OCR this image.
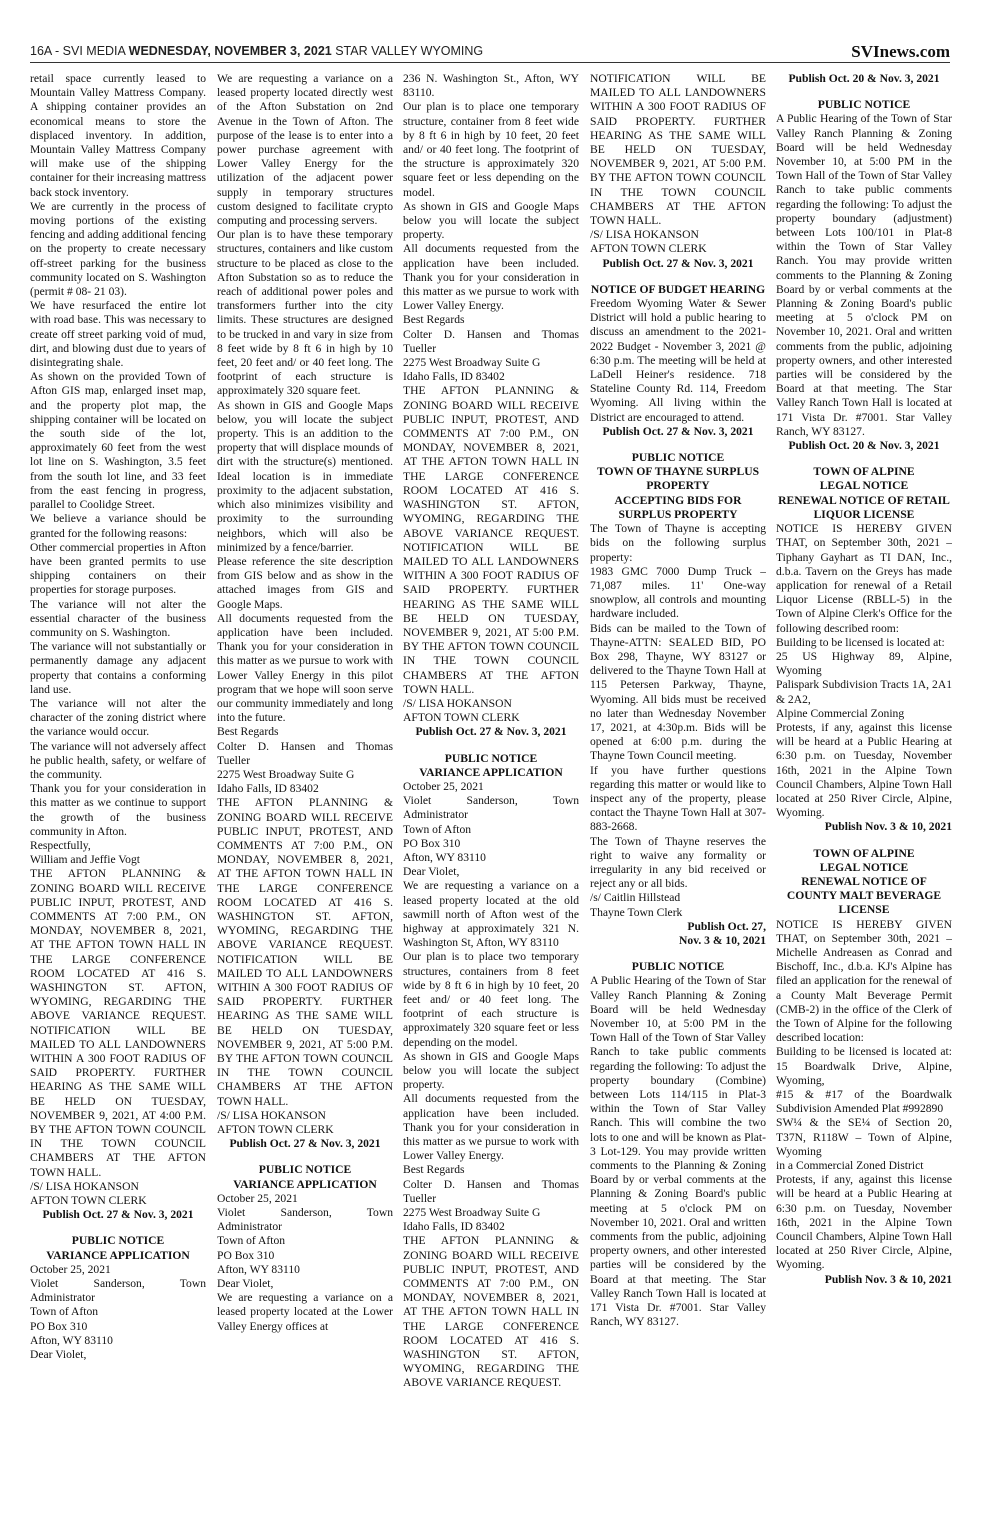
16A - SVI MEDIA WEDNESDAY, NOVEMBER 3, 2021 STAR VALLEY WYOMING	SVInews.com

retail space currently leased to Mountain Valley Mattress Company. A shipping container provides an economical means to store the displaced inventory. In addition, Mountain Valley Mattress Company will make use of the shipping container for their increasing mattress back stock inventory.

We are currently in the process of moving portions of the existing fencing and adding additional fencing on the property to create necessary off-street parking for the business community located on S. Washington (permit # 08- 21 03).

We have resurfaced the entire lot with road base. This was necessary to create off street parking void of mud, dirt, and blowing dust due to years of disintegrating shale.

As shown on the provided Town of Afton GIS map, enlarged inset map, and the property plot map, the shipping container will be located on the south side of the lot, approximately 60 feet from the west lot line on S. Washington, 3.5 feet from the south lot line, and 33 feet from the east fencing in progress, parallel to Coolidge Street.

We believe a variance should be granted for the following reasons:

Other commercial properties in Afton have been granted permits to use shipping containers on their properties for storage purposes.

The variance will not alter the essential character of the business community on S. Washington.

The variance will not substantially or permanently damage any adjacent property that contains a conforming land use.

The variance will not alter the character of the zoning district where the variance would occur.

The variance will not adversely affect he public health, safety, or welfare of the community.

Thank you for your consideration in this matter as we continue to support the growth of the business community in Afton.

Respectfully,

William and Jeffie Vogt

THE AFTON PLANNING & ZONING BOARD WILL RECEIVE PUBLIC INPUT, PROTEST, AND COMMENTS AT 7:00 P.M., ON MONDAY, NOVEMBER 8, 2021, AT THE AFTON TOWN HALL IN THE LARGE CONFERENCE ROOM LOCATED AT 416 S. WASHINGTON ST. AFTON, WYOMING, REGARDING THE ABOVE VARIANCE REQUEST. NOTIFICATION WILL BE MAILED TO ALL LANDOWNERS WITHIN A 300 FOOT RADIUS OF SAID PROPERTY. FURTHER HEARING AS THE SAME WILL BE HELD ON TUESDAY, NOVEMBER 9, 2021, AT 4:00 P.M. BY THE AFTON TOWN COUNCIL IN THE TOWN COUNCIL CHAMBERS AT THE AFTON TOWN HALL.

/S/ LISA HOKANSON

AFTON TOWN CLERK

Publish Oct. 27 & Nov. 3, 2021

PUBLIC NOTICE
VARIANCE APPLICATION

October 25, 2021

Violet Sanderson, Town Administrator

Town of Afton

PO Box 310

Afton, WY 83110

Dear Violet,

We are requesting a variance on a leased property located directly west of the Afton Substation on 2nd Avenue in the Town of Afton. The purpose of the lease is to enter into a power purchase agreement with Lower Valley Energy for the utilization of the adjacent power supply in temporary structures custom designed to facilitate crypto computing and processing servers.

Our plan is to have these temporary structures, containers and like custom structure to be placed as close to the Afton Substation so as to reduce the reach of additional power poles and transformers further into the city limits. These structures are designed to be trucked in and vary in size from 8 feet wide by 8 ft 6 in high by 10 feet, 20 feet and/ or 40 feet long. The footprint of each structure is approximately 320 square feet.

As shown in GIS and Google Maps below, you will locate the subject property. This is an addition to the property that will displace mounds of dirt with the structure(s) mentioned. Ideal location is in immediate proximity to the adjacent substation, which also minimizes visibility and proximity to the surrounding neighbors, which will also be minimized by a fence/barrier.

Please reference the site description from GIS below and as show in the attached images from GIS and Google Maps.

All documents requested from the application have been included. Thank you for your consideration in this matter as we pursue to work with Lower Valley Energy in this pilot program that we hope will soon serve our community immediately and long into the future.

Best Regards

Colter D. Hansen and Thomas Tueller

2275 West Broadway Suite G

Idaho Falls, ID 83402

THE AFTON PLANNING & ZONING BOARD WILL RECEIVE PUBLIC INPUT, PROTEST, AND COMMENTS AT 7:00 P.M., ON MONDAY, NOVEMBER 8, 2021, AT THE AFTON TOWN HALL IN THE LARGE CONFERENCE ROOM LOCATED AT 416 S. WASHINGTON ST. AFTON, WYOMING, REGARDING THE ABOVE VARIANCE REQUEST. NOTIFICATION WILL BE MAILED TO ALL LANDOWNERS WITHIN A 300 FOOT RADIUS OF SAID PROPERTY. FURTHER HEARING AS THE SAME WILL BE HELD ON TUESDAY, NOVEMBER 9, 2021, AT 5:00 P.M. BY THE AFTON TOWN COUNCIL IN THE TOWN COUNCIL CHAMBERS AT THE AFTON TOWN HALL.

/S/ LISA HOKANSON

AFTON TOWN CLERK

Publish Oct. 27 & Nov. 3, 2021

PUBLIC NOTICE
VARIANCE APPLICATION

October 25, 2021

Violet Sanderson, Town Administrator

Town of Afton

PO Box 310

Afton, WY 83110

Dear Violet,

We are requesting a variance on a leased property located at the Lower Valley Energy offices at

236 N. Washington St., Afton, WY 83110.

Our plan is to place one temporary structure, container from 8 feet wide by 8 ft 6 in high by 10 feet, 20 feet and/ or 40 feet long. The footprint of the structure is approximately 320 square feet or less depending on the model.

As shown in GIS and Google Maps below you will locate the subject property.

All documents requested from the application have been included. Thank you for your consideration in this matter as we pursue to work with Lower Valley Energy.

Best Regards

Colter D. Hansen and Thomas Tueller

2275 West Broadway Suite G

Idaho Falls, ID 83402

THE AFTON PLANNING & ZONING BOARD WILL RECEIVE PUBLIC INPUT, PROTEST, AND COMMENTS AT 7:00 P.M., ON MONDAY, NOVEMBER 8, 2021, AT THE AFTON TOWN HALL IN THE LARGE CONFERENCE ROOM LOCATED AT 416 S. WASHINGTON ST. AFTON, WYOMING, REGARDING THE ABOVE VARIANCE REQUEST. NOTIFICATION WILL BE MAILED TO ALL LANDOWNERS WITHIN A 300 FOOT RADIUS OF SAID PROPERTY. FURTHER HEARING AS THE SAME WILL BE HELD ON TUESDAY, NOVEMBER 9, 2021, AT 5:00 P.M. BY THE AFTON TOWN COUNCIL IN THE TOWN COUNCIL CHAMBERS AT THE AFTON TOWN HALL.

/S/ LISA HOKANSON

AFTON TOWN CLERK

Publish Oct. 27 & Nov. 3, 2021

PUBLIC NOTICE
VARIANCE APPLICATION

October 25, 2021

Violet Sanderson, Town Administrator

Town of Afton

PO Box 310

Afton, WY 83110

Dear Violet,

We are requesting a variance on a leased property located at the old sawmill north of Afton west of the highway at approximately 321 N. Washington St, Afton, WY 83110

Our plan is to place two temporary structures, containers from 8 feet wide by 8 ft 6 in high by 10 feet, 20 feet and/ or 40 feet long. The footprint of each structure is approximately 320 square feet or less depending on the model.

As shown in GIS and Google Maps below you will locate the subject property.

All documents requested from the application have been included. Thank you for your consideration in this matter as we pursue to work with Lower Valley Energy.

Best Regards

Colter D. Hansen and Thomas Tueller

2275 West Broadway Suite G

Idaho Falls, ID 83402

THE AFTON PLANNING & ZONING BOARD WILL RECEIVE PUBLIC INPUT, PROTEST, AND COMMENTS AT 7:00 P.M., ON MONDAY, NOVEMBER 8, 2021, AT THE AFTON TOWN HALL IN THE LARGE CONFERENCE ROOM LOCATED AT 416 S. WASHINGTON ST. AFTON, WYOMING, REGARDING THE ABOVE VARIANCE REQUEST.

NOTIFICATION WILL BE MAILED TO ALL LANDOWNERS WITHIN A 300 FOOT RADIUS OF SAID PROPERTY. FURTHER HEARING AS THE SAME WILL BE HELD ON TUESDAY, NOVEMBER 9, 2021, AT 5:00 P.M. BY THE AFTON TOWN COUNCIL IN THE TOWN COUNCIL CHAMBERS AT THE AFTON TOWN HALL.

/S/ LISA HOKANSON

AFTON TOWN CLERK

Publish Oct. 27 & Nov. 3, 2021

NOTICE OF BUDGET HEARING

Freedom Wyoming Water & Sewer District will hold a public hearing to discuss an amendment to the 2021-2022 Budget - November 3, 2021 @ 6:30 p.m. The meeting will be held at LaDell Heiner's residence. 718 Stateline County Rd. 114, Freedom Wyoming. All living within the District are encouraged to attend.

Publish Oct. 27 & Nov. 3, 2021

PUBLIC NOTICE
TOWN OF THAYNE SURPLUS PROPERTY
ACCEPTING BIDS FOR SURPLUS PROPERTY

The Town of Thayne is accepting bids on the following surplus property:

1983 GMC 7000 Dump Truck – 71,087 miles. 11' One-way snowplow, all controls and mounting hardware included.

Bids can be mailed to the Town of Thayne-ATTN: SEALED BID, PO Box 298, Thayne, WY 83127 or delivered to the Thayne Town Hall at 115 Petersen Parkway, Thayne, Wyoming. All bids must be received no later than Wednesday November 17, 2021, at 4:30p.m. Bids will be opened at 6:00 p.m. during the Thayne Town Council meeting.

If you have further questions regarding this matter or would like to inspect any of the property, please contact the Thayne Town Hall at 307-883-2668.

The Town of Thayne reserves the right to waive any formality or irregularity in any bid received or reject any or all bids.

/s/ Caitlin Hillstead

Thayne Town Clerk

Publish Oct. 27,

Nov. 3 & 10, 2021

PUBLIC NOTICE

A Public Hearing of the Town of Star Valley Ranch Planning & Zoning Board will be held Wednesday November 10, at 5:00 PM in the Town Hall of the Town of Star Valley Ranch to take public comments regarding the following: To adjust the property boundary (Combine) between Lots 114/115 in Plat-3 within the Town of Star Valley Ranch. This will combine the two lots to one and will be known as Plat-3 Lot-129. You may provide written comments to the Planning & Zoning Board by or verbal comments at the Planning & Zoning Board's public meeting at 5 o'clock PM on November 10, 2021. Oral and written comments from the public, adjoining property owners, and other interested parties will be considered by the Board at that meeting. The Star Valley Ranch Town Hall is located at 171 Vista Dr. #7001. Star Valley Ranch, WY 83127.

Publish Oct. 20 & Nov. 3, 2021

PUBLIC NOTICE

A Public Hearing of the Town of Star Valley Ranch Planning & Zoning Board will be held Wednesday November 10, at 5:00 PM in the Town Hall of the Town of Star Valley Ranch to take public comments regarding the following: To adjust the property boundary (adjustment) between Lots 100/101 in Plat-8 within the Town of Star Valley Ranch. You may provide written comments to the Planning & Zoning Board by or verbal comments at the Planning & Zoning Board's public meeting at 5 o'clock PM on November 10, 2021. Oral and written comments from the public, adjoining property owners, and other interested parties will be considered by the Board at that meeting. The Star Valley Ranch Town Hall is located at 171 Vista Dr. #7001. Star Valley Ranch, WY 83127.

Publish Oct. 20 & Nov. 3, 2021

TOWN OF ALPINE
LEGAL NOTICE
RENEWAL NOTICE OF RETAIL LIQUOR LICENSE

NOTICE IS HEREBY GIVEN THAT, on September 30th, 2021 – Tiphany Gayhart as TI DAN, Inc., d.b.a. Tavern on the Greys has made application for renewal of a Retail Liquor License (RBLL-5) in the Town of Alpine Clerk's Office for the following described room:

Building to be licensed is located at:

25 US Highway 89, Alpine, Wyoming

Palispark Subdivision Tracts 1A, 2A1 & 2A2,

Alpine Commercial Zoning

Protests, if any, against this license will be heard at a Public Hearing at 6:30 p.m. on Tuesday, November 16th, 2021 in the Alpine Town Council Chambers, Alpine Town Hall located at 250 River Circle, Alpine, Wyoming.

Publish Nov. 3 & 10, 2021

TOWN OF ALPINE
LEGAL NOTICE
RENEWAL NOTICE OF COUNTY MALT BEVERAGE LICENSE

NOTICE IS HEREBY GIVEN THAT, on September 30th, 2021 – Michelle Andreasen as Conrad and Bischoff, Inc., d.b.a. KJ's Alpine has filed an application for the renewal of a County Malt Beverage Permit (CMB-2) in the office of the Clerk of the Town of Alpine for the following described location:

Building to be licensed is located at: 15 Boardwalk Drive, Alpine, Wyoming,

#15 & #17 of the Boardwalk Subdivision Amended Plat #992890

SW¼ & the SE¼ of Section 20, T37N, R118W – Town of Alpine, Wyoming

in a Commercial Zoned District

Protests, if any, against this license will be heard at a Public Hearing at 6:30 p.m. on Tuesday, November 16th, 2021 in the Alpine Town Council Chambers, Alpine Town Hall located at 250 River Circle, Alpine, Wyoming.

Publish Nov. 3 & 10, 2021
